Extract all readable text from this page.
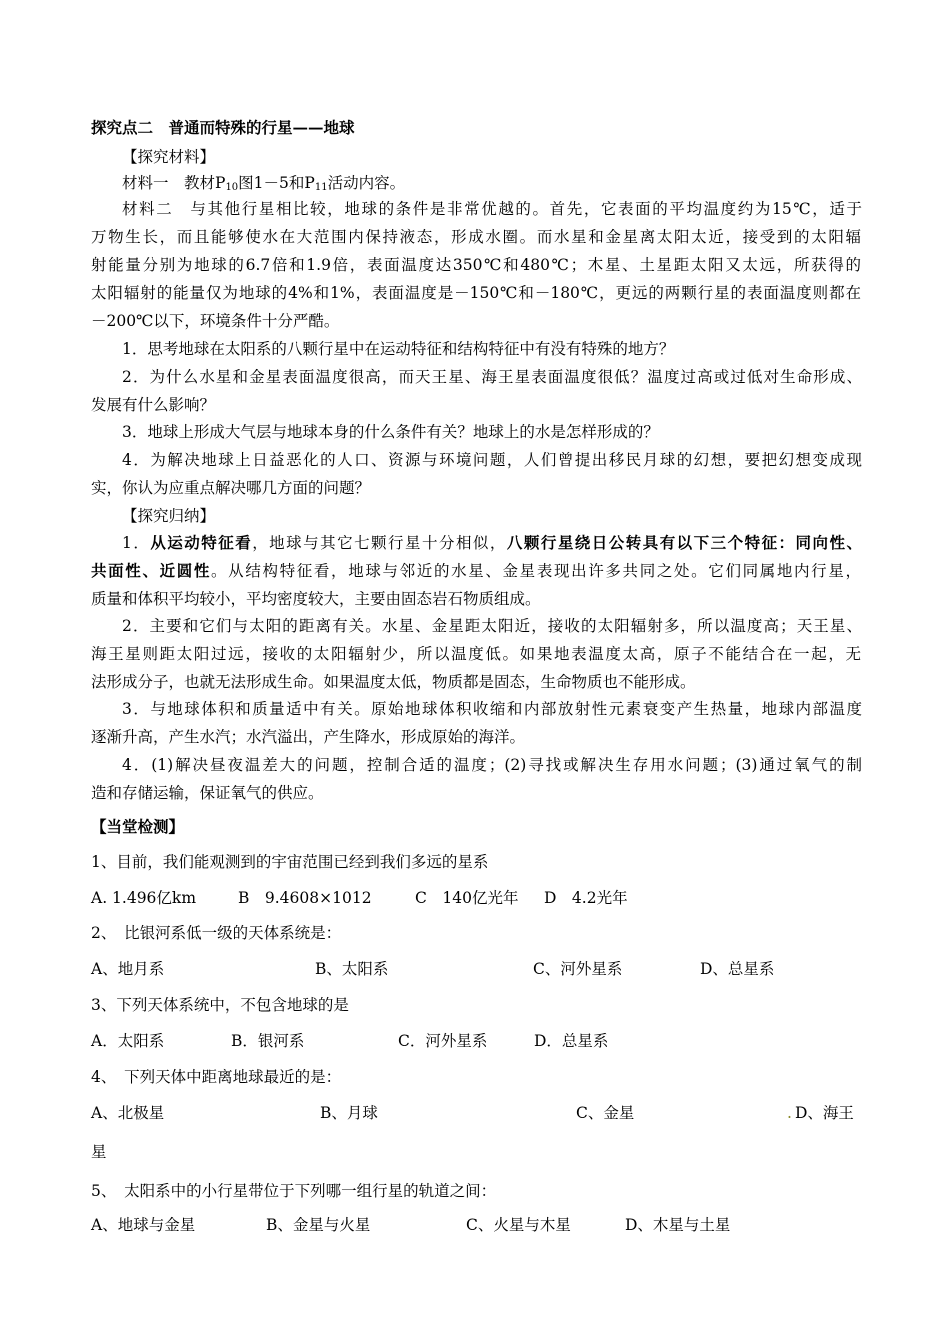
探究点二　普通而特殊的行星——地球
【探究材料】
材料一　教材$P_{10}$图1－5和$P_{11}$活动内容。
材料二　与其他行星相比较，地球的条件是非常优越的。首先，它表面的平均温度约为15℃，适于
万物生长，而且能够使水在大范围内保持液态，形成水圈。而水星和金星离太阳太近，接受到的太阳辐
射能量分别为地球的6.7倍和1.9倍，表面温度达350℃和480℃；木星、土星距太阳又太远，所获得的
太阳辐射的能量仅为地球的4%和1%，表面温度是－150℃和－180℃，更远的两颗行星的表面温度则都在
－200℃以下，环境条件十分严酷。
1．思考地球在太阳系的八颗行星中在运动特征和结构特征中有没有特殊的地方？
2．为什么水星和金星表面温度很高，而天王星、海王星表面温度很低？温度过高或过低对生命形成、
发展有什么影响？
3．地球上形成大气层与地球本身的什么条件有关？地球上的水是怎样形成的？
4．为解决地球上日益恶化的人口、资源与环境问题，人们曾提出移民月球的幻想，要把幻想变成现
实，你认为应重点解决哪几方面的问题？
【探究归纳】
1．从运动特征看，地球与其它七颗行星十分相似，八颗行星绕日公转具有以下三个特征：同向性、
共面性、近圆性。从结构特征看，地球与邻近的水星、金星表现出许多共同之处。它们同属地内行星，
质量和体积平均较小，平均密度较大，主要由固态岩石物质组成。
2．主要和它们与太阳的距离有关。水星、金星距太阳近，接收的太阳辐射多，所以温度高；天王星、
海王星则距太阳过远，接收的太阳辐射少，所以温度低。如果地表温度太高，原子不能结合在一起，无
法形成分子，也就无法形成生命。如果温度太低，物质都是固态，生命物质也不能形成。
3．与地球体积和质量适中有关。原始地球体积收缩和内部放射性元素衰变产生热量，地球内部温度
逐渐升高，产生水汽；水汽溢出，产生降水，形成原始的海洋。
4．(1)解决昼夜温差大的问题，控制合适的温度；(2)寻找或解决生存用水问题；(3)通过氧气的制
造和存储运输，保证氧气的供应。
【当堂检测】
1、目前，我们能观测到的宇宙范围已经到我们多远的星系
A. 1.496亿km	B　9.4608×1012	C　140亿光年 D　4.2光年
2、　比银河系低一级的天体系统是：
A、地月系	B、太阳系	C、河外星系	D、总星系
3、下列天体系统中，不包含地球的是
A．太阳系	B．银河系	C．河外星系	D．总星系
4、　下列天体中距离地球最近的是：
A、北极星	B、月球	C、金星	. D、海王
星
5、　太阳系中的小行星带位于下列哪一组行星的轨道之间：
A、地球与金星	B、金星与火星	C、火星与木星	D、木星与土星
